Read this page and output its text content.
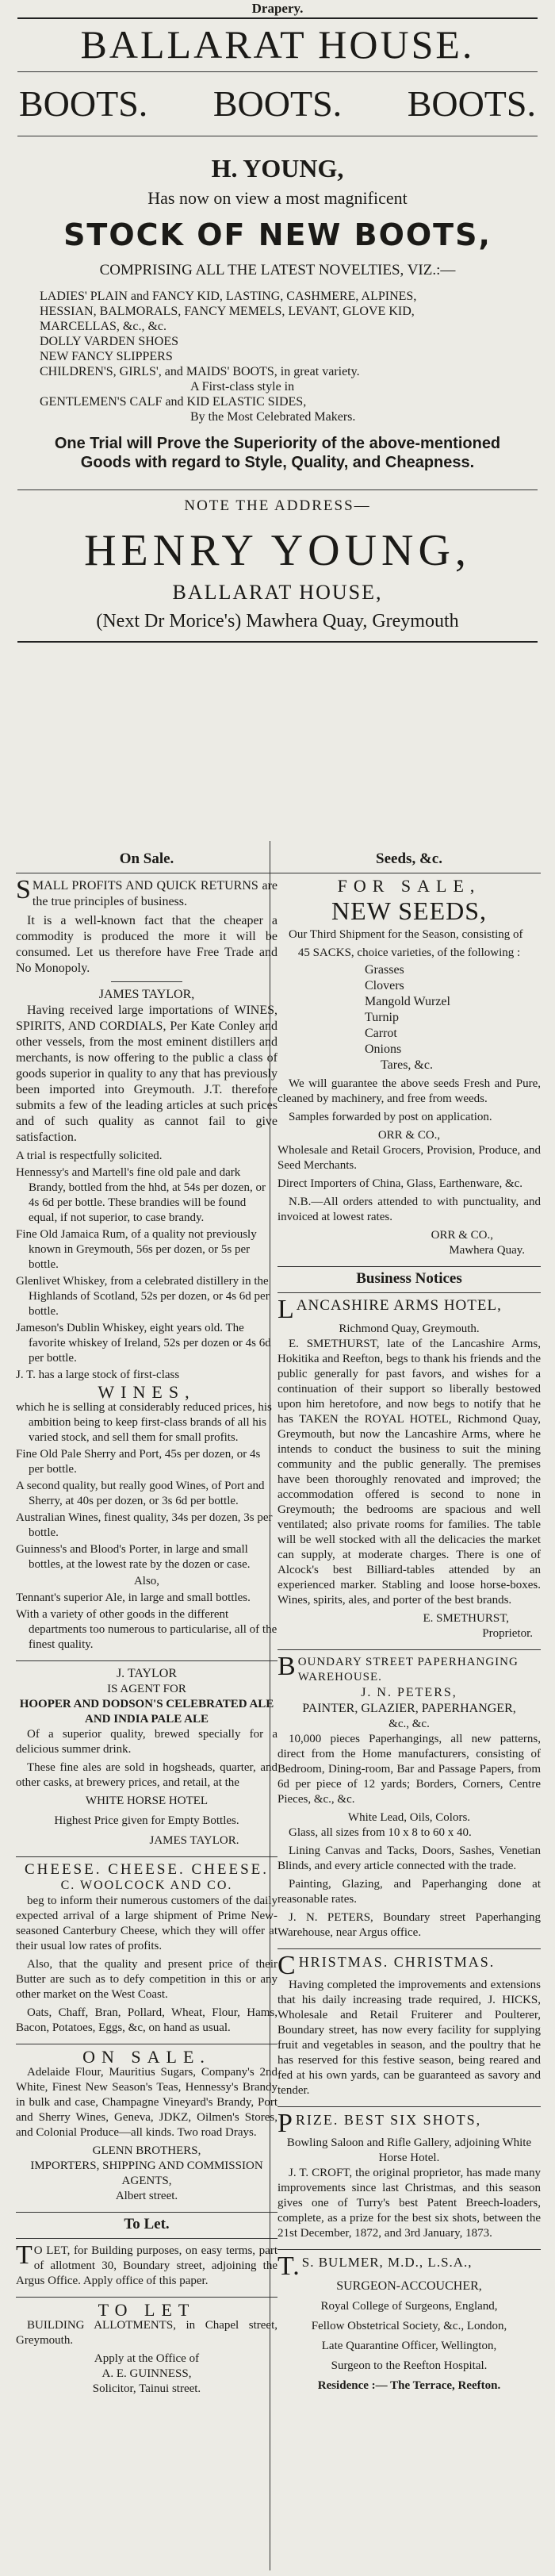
Drapery.
BALLARAT HOUSE.
BOOTS. BOOTS. BOOTS.
H. YOUNG,
Has now on view a most magnificent
STOCK OF NEW BOOTS,
COMPRISING ALL THE LATEST NOVELTIES, VIZ.:—
LADIES' PLAIN and FANCY KID, LASTING, CASHMERE, ALPINES,
HESSIAN, BALMORALS, FANCY MEMELS, LEVANT, GLOVE KID,
MARCELLAS, &c., &c.
DOLLY VARDEN SHOES
NEW FANCY SLIPPERS
CHILDREN'S, GIRLS', and MAIDS' BOOTS, in great variety.
A First-class style in
GENTLEMEN'S CALF and KID ELASTIC SIDES,
By the Most Celebrated Makers.
One Trial will Prove the Superiority of the above-mentioned Goods with regard to Style, Quality, and Cheapness.
NOTE THE ADDRESS—
HENRY YOUNG,
BALLARAT HOUSE,
(Next Dr Morice's) Mawhera Quay, Greymouth
On Sale.

SMALL PROFITS AND QUICK RETURNS are the true principles of business.

It is a well-known fact that the cheaper a commodity is produced the more it will be consumed. Let us therefore have Free Trade and No Monopoly.

JAMES TAYLOR,

Having received large importations of WINES, SPIRITS, AND CORDIALS, Per Kate Conley and other vessels, from the most eminent distillers and merchants, is now offering to the public a class of goods superior in quality to any that has previously been imported into Greymouth. J.T. therefore submits a few of the leading articles at such prices and of such quality as cannot fail to give satisfaction.

A trial is respectfully solicited.

Hennessy's and Martell's fine old pale and dark Brandy, bottled from the hhd, at 54s per dozen, or 4s 6d per bottle. These brandies will be found equal, if not superior, to case brandy.

Fine Old Jamaica Rum, of a quality not previously known in Greymouth, 56s per dozen, or 5s per bottle.

Glenlivet Whiskey, from a celebrated distillery in the Highlands of Scotland, 52s per dozen, or 4s 6d per bottle.

Jameson's Dublin Whiskey, eight years old. The favorite whiskey of Ireland, 52s per dozen or 4s 6d per bottle.

J. T. has a large stock of first-class

WINES,

which he is selling at considerably reduced prices, his ambition being to keep first-class brands of all his varied stock, and sell them for small profits.

Fine Old Pale Sherry and Port, 45s per dozen, or 4s per bottle.

A second quality, but really good Wines, of Port and Sherry, at 40s per dozen, or 3s 6d per bottle.

Australian Wines, finest quality, 34s per dozen, 3s per bottle.

Guinness's and Blood's Porter, in large and small bottles, at the lowest rate by the dozen or case.

Also,

Tennant's superior Ale, in large and small bottles.

With a variety of other goods in the different departments too numerous to particularise, all of the finest quality.

J. TAYLOR
IS AGENT FOR
HOOPER AND DODSON'S CELEBRATED ALE AND INDIA PALE ALE

Of a superior quality, brewed specially for a delicious summer drink.

These fine ales are sold in hogsheads, quarter, and other casks, at brewery prices, and retail, at the

WHITE HORSE HOTEL
Highest Price given for Empty Bottles.
JAMES TAYLOR.
CHEESE. CHEESE. CHEESE.
C. WOOLCOCK AND CO.

beg to inform their numerous customers of the daily expected arrival of a large shipment of Prime New-seasoned Canterbury Cheese, which they will offer at their usual low rates of profits.

Also, that the quality and present price of their Butter are such as to defy competition in this or any other market on the West Coast.

Oats, Chaff, Bran, Pollard, Wheat, Flour, Hams, Bacon, Potatoes, Eggs, &c, on hand as usual.

ON SALE.

Adelaide Flour, Mauritius Sugars, Company's 2nd White, Finest New Season's Teas, Hennessy's Brandy in bulk and case, Champagne Vineyard's Brandy, Port and Sherry Wines, Geneva, JDKZ, Oilmen's Stores, and Colonial Produce—all kinds. Two road Drays.

GLENN BROTHERS,
IMPORTERS, SHIPPING AND COMMISSION AGENTS,
Albert street.
To Let.

TO LET, for Building purposes, on easy terms, part of allotment 30, Boundary street, adjoining the Argus Office. Apply office of this paper.

TO LET

BUILDING ALLOTMENTS, in Chapel street, Greymouth.

Apply at the Office of
A. E. GUINNESS,
Solicitor, Tainui street.
Seeds, &c.
FOR SALE,
NEW SEEDS,

Our Third Shipment for the Season, consisting of

45 SACKS, choice varieties, of the following :
Grasses
Clovers
Mangold Wurzel
Turnip
Carrot
Onions
Tares, &c.

We will guarantee the above seeds Fresh and Pure, cleaned by machinery, and free from weeds.

Samples forwarded by post on application.

ORR & CO.,

Wholesale and Retail Grocers, Provision, Produce, and Seed Merchants.

Direct Importers of China, Glass, Earthenware, &c.

N.B.—All orders attended to with punctuality, and invoiced at lowest rates.

ORR & CO.,
Mawhera Quay.
Business Notices
LANCASHIRE ARMS HOTEL,
Richmond Quay, Greymouth.

E. SMETHURST, late of the Lancashire Arms, Hokitika and Reefton, begs to thank his friends and the public generally for past favors, and wishes for a continuation of their support so liberally bestowed upon him heretofore, and now begs to notify that he has TAKEN the ROYAL HOTEL, Richmond Quay, Greymouth, but now the Lancashire Arms, where he intends to conduct the business to suit the mining community and the public generally. The premises have been thoroughly renovated and improved; the accommodation offered is second to none in Greymouth; the bedrooms are spacious and well ventilated; also private rooms for families. The table will be well stocked with all the delicacies the market can supply, at moderate charges. There is one of Alcock's best Billiard-tables attended by an experienced marker. Stabling and loose horse-boxes. Wines, spirits, ales, and porter of the best brands.

E. SMETHURST,
Proprietor.
BOUNDARY STREET PAPERHANGING WAREHOUSE.
J. N. PETERS,
PAINTER, GLAZIER, PAPERHANGER,
&c., &c.

10,000 pieces Paperhangings, all new patterns, direct from the Home manufacturers, consisting of Bedroom, Dining-room, Bar and Passage Papers, from 6d per piece of 12 yards; Borders, Corners, Centre Pieces, &c., &c.

White Lead, Oils, Colors.

Glass, all sizes from 10 x 8 to 60 x 40.

Lining Canvas and Tacks, Doors, Sashes, Venetian Blinds, and every article connected with the trade.

Painting, Glazing, and Paperhanging done at reasonable rates.

J. N. PETERS, Boundary street Paperhanging Warehouse, near Argus office.

CHRISTMAS. CHRISTMAS.

Having completed the improvements and extensions that his daily increasing trade required, J. HICKS, Wholesale and Retail Fruiterer and Poulterer, Boundary street, has now every facility for supplying fruit and vegetables in season, and the poultry that he has reserved for this festive season, being reared and fed at his own yards, can be guaranteed as savory and tender.

PRIZE. BEST SIX SHOTS,
Bowling Saloon and Rifle Gallery, adjoining White Horse Hotel.

J. T. CROFT, the original proprietor, has made many improvements since last Christmas, and this season gives one of Turry's best Patent Breech-loaders, complete, as a prize for the best six shots, between the 21st December, 1872, and 3rd January, 1873.

T.S. BULMER, M.D., L.S.A.,
SURGEON-ACCOUCHER,
Royal College of Surgeons, England,
Fellow Obstetrical Society, &c., London,
Late Quarantine Officer, Wellington,
Surgeon to the Reefton Hospital.
Residence :— The Terrace, Reefton.
